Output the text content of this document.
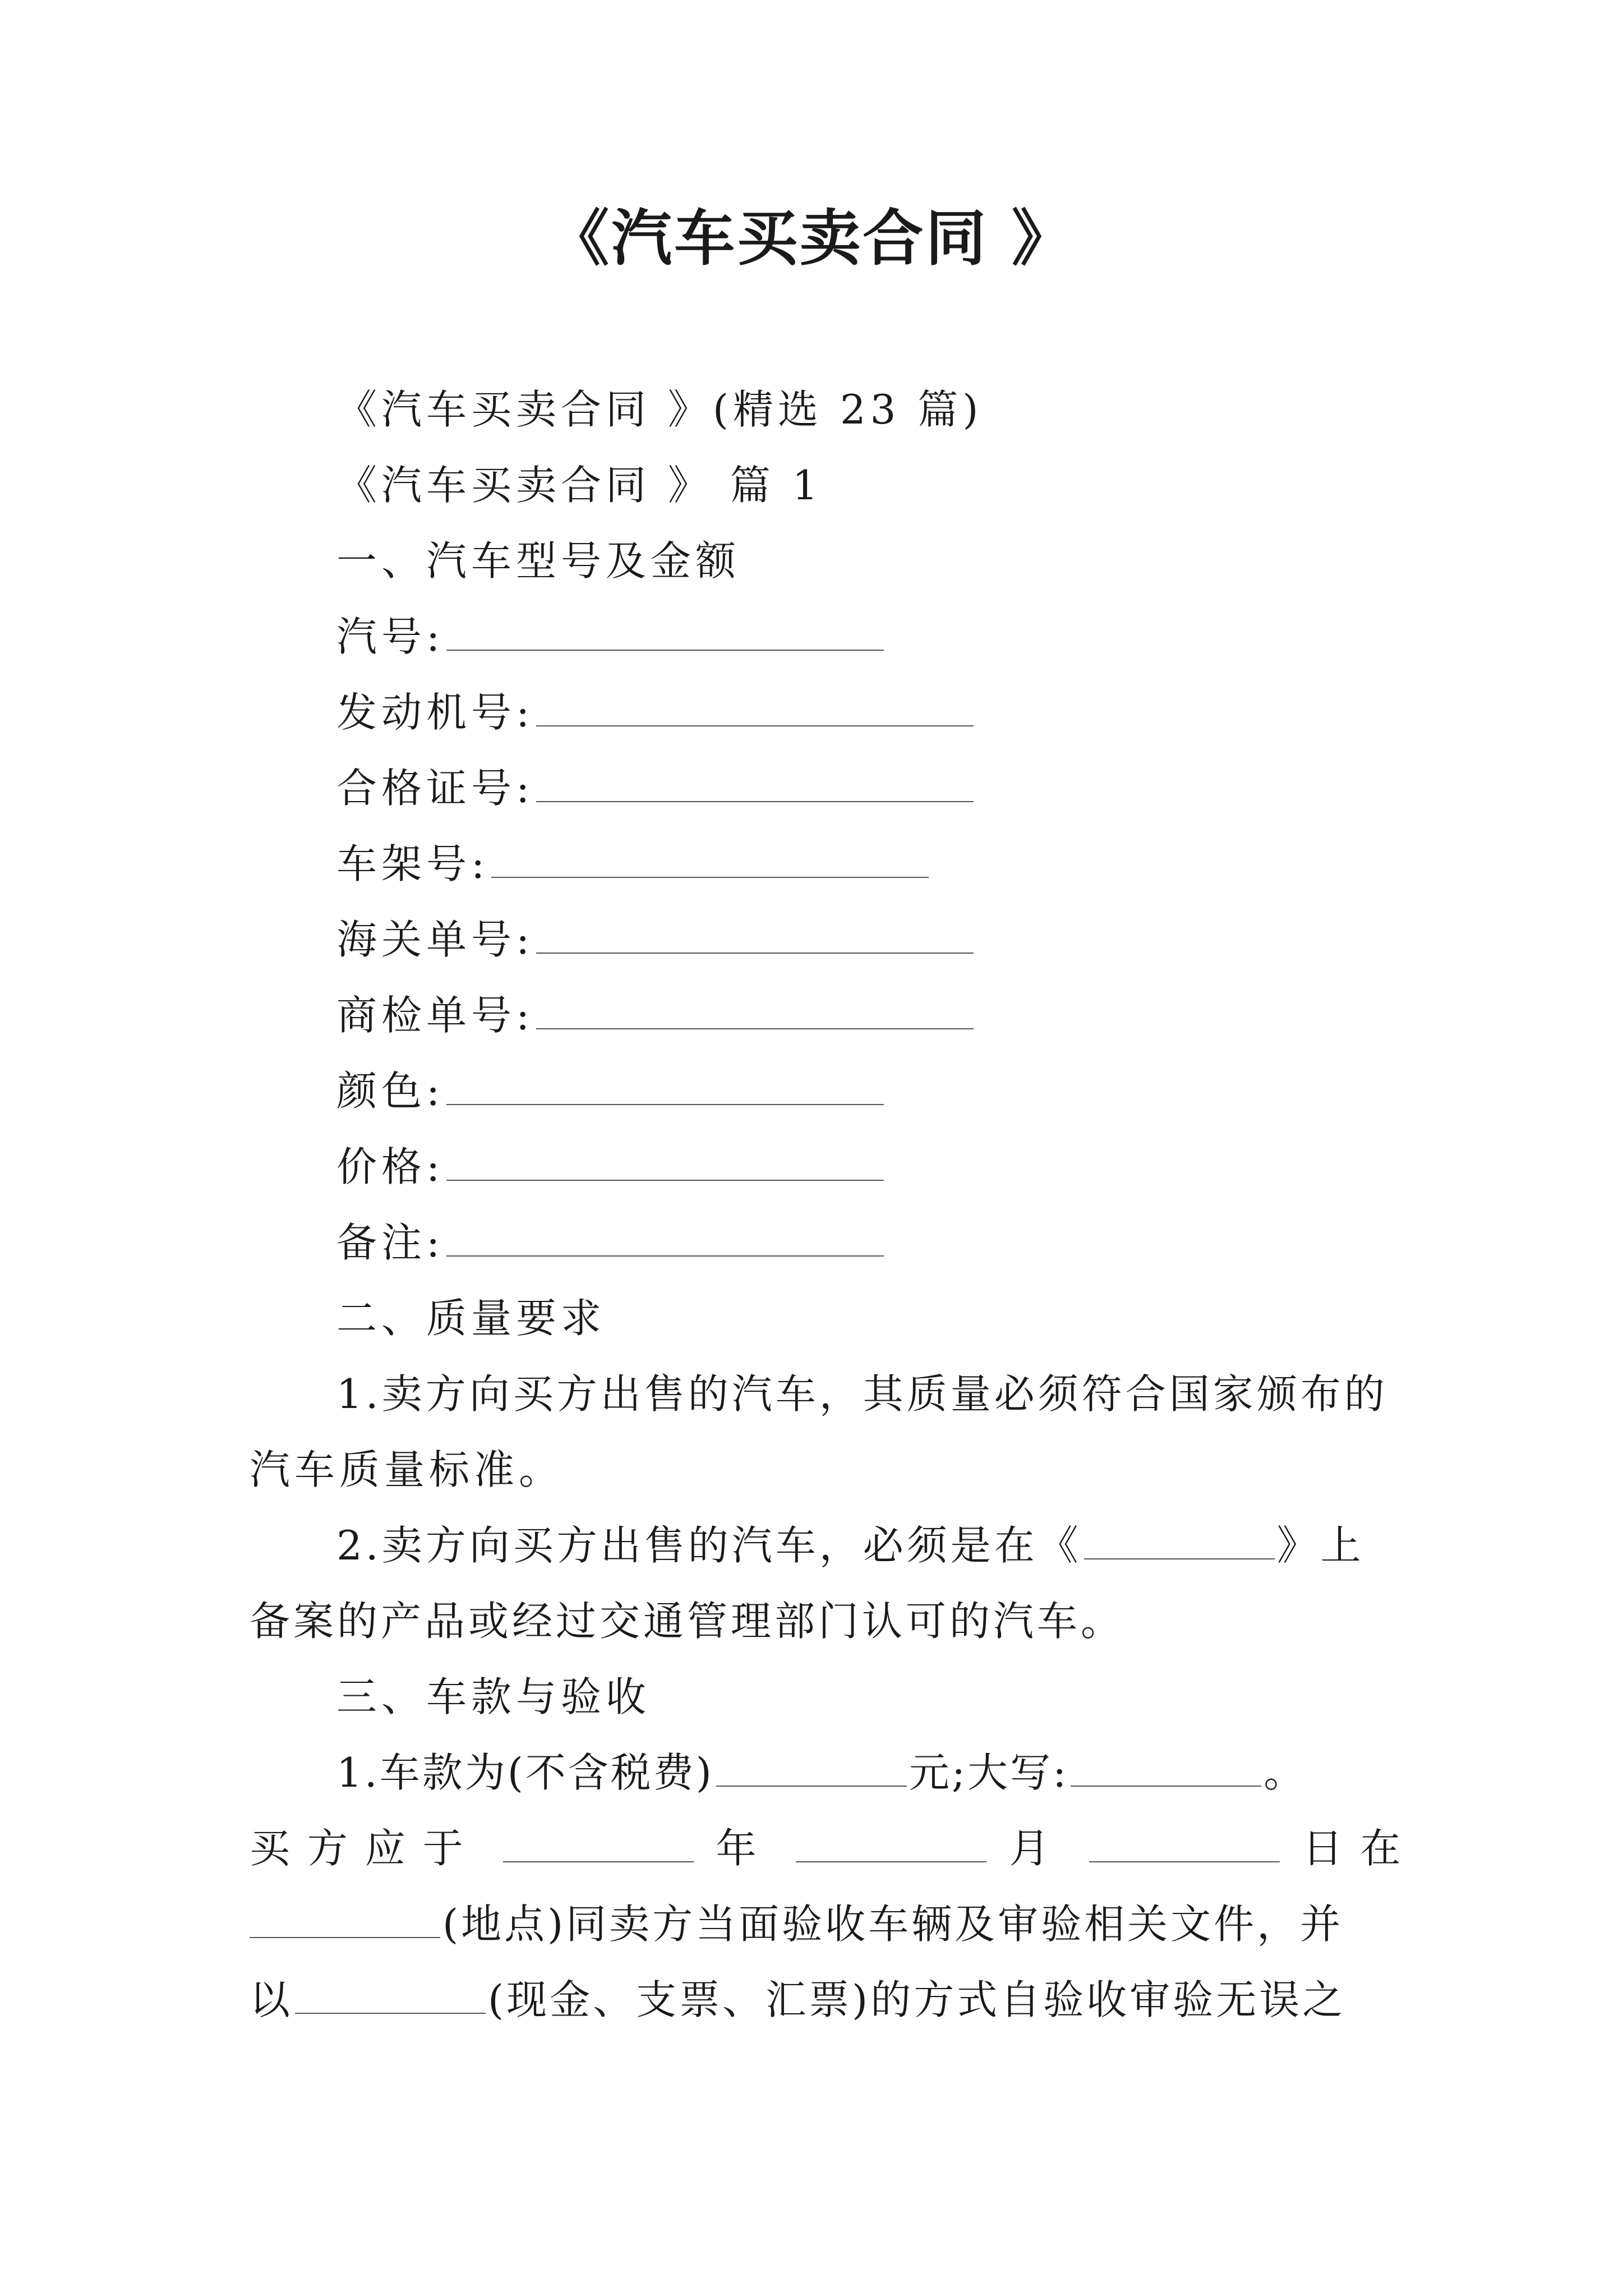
《汽车买卖合同 》
《汽车买卖合同 》(精选 23 篇)
《汽车买卖合同 》 篇 1
一、汽车型号及金额
汽号:
发动机号:
合格证号:
车架号:
海关单号:
商检单号:
颜色:
价格:
备注:
二、质量要求
1.卖方向买方出售的汽车，其质量必须符合国家颁布的
汽车质量标准。
2.卖方向买方出售的汽车，必须是在《	》上
备案的产品或经过交通管理部门认可的汽车。
三、车款与验收
1.车款为(不含税费)	元;大写:	。
买 方 应 于	年	月	日 在
(地点)同卖方当面验收车辆及审验相关文件，并
以	(现金、支票、汇票)的方式自验收审验无误之
